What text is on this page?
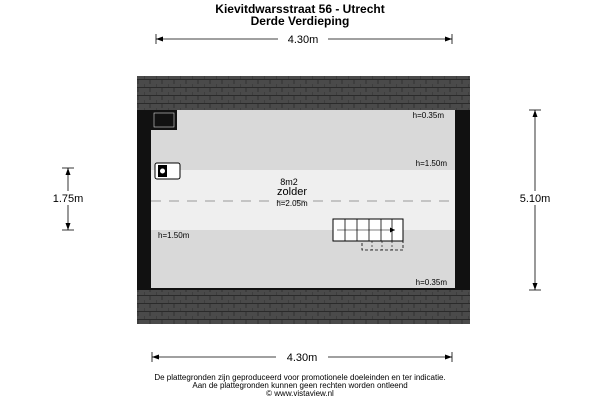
Kievitdwarsstraat 56 - Utrecht
Derde Verdieping
4.30m
8m2
zolder
h=2.05m
h=0.35m
h=1.50m
h=1.50m
h=0.35m
1.75m	5.10m
4.30m
De plattegronden zijn geproduceerd voor promotionele doeleinden en ter indicatie.
Aan de plattegronden kunnen geen rechten worden ontleend
© www.vistaview.nl
